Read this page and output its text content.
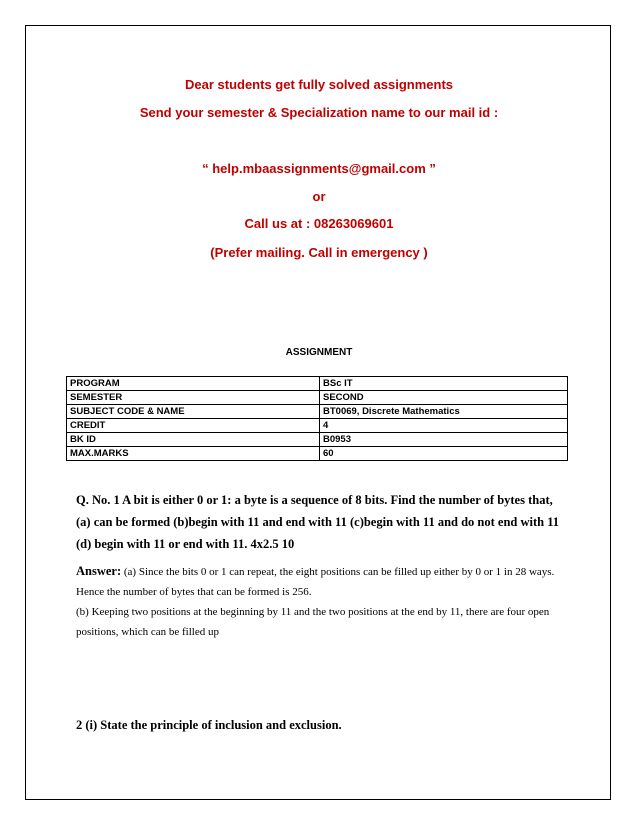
Dear students get fully solved assignments
Send your semester & Specialization name to our mail id :
“ help.mbaassignments@gmail.com ”
or
Call us at : 08263069601
(Prefer mailing. Call in emergency )
ASSIGNMENT
PROGRAM	BSc IT
SEMESTER	SECOND
SUBJECT CODE & NAME	BT0069, Discrete Mathematics
CREDIT	4
BK ID	B0953
MAX.MARKS	60
Q. No. 1 A bit is either 0 or 1: a byte is a sequence of 8 bits. Find the number of bytes that, (a) can be formed (b)begin with 11 and end with 11 (c)begin with 11 and do not end with 11 (d) begin with 11 or end with 11. 4x2.5 10
Answer: (a) Since the bits 0 or 1 can repeat, the eight positions can be filled up either by 0 or 1 in 28 ways. Hence the number of bytes that can be formed is 256.
(b) Keeping two positions at the beginning by 11 and the two positions at the end by 11, there are four open positions, which can be filled up
2 (i) State the principle of inclusion and exclusion.
